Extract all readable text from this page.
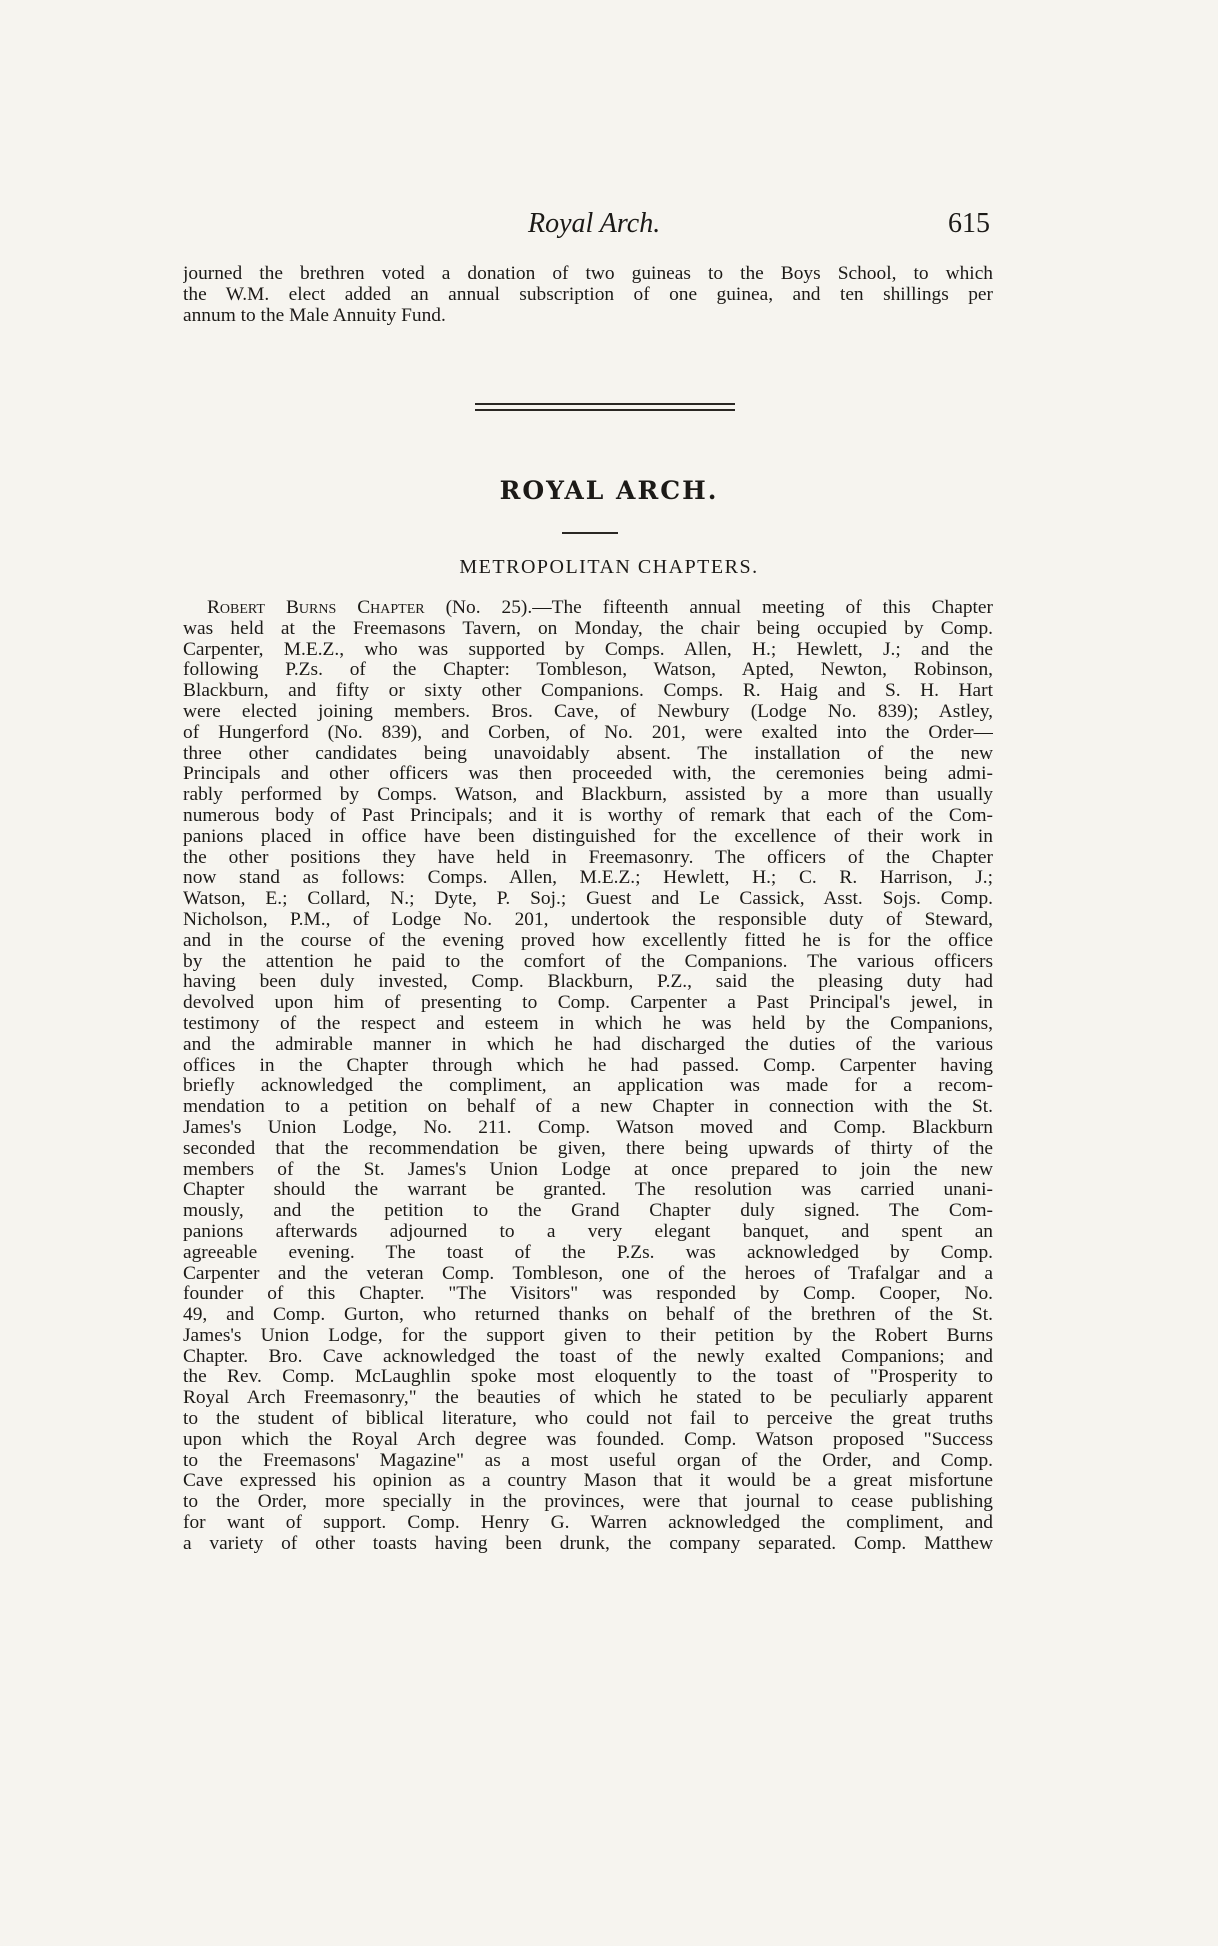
Royal Arch.	615
journed the brethren voted a donation of two guineas to the Boys School, to which
the W.M. elect added an annual subscription of one guinea, and ten shillings per
annum to the Male Annuity Fund.
ROYAL ARCH.
METROPOLITAN CHAPTERS.
Robert Burns Chapter (No. 25).—The fifteenth annual meeting of this Chapter
was held at the Freemasons Tavern, on Monday, the chair being occupied by Comp.
Carpenter, M.E.Z., who was supported by Comps. Allen, H.; Hewlett, J.; and the
following P.Zs. of the Chapter: Tombleson, Watson, Apted, Newton, Robinson,
Blackburn, and fifty or sixty other Companions. Comps. R. Haig and S. H. Hart
were elected joining members. Bros. Cave, of Newbury (Lodge No. 839); Astley,
of Hungerford (No. 839), and Corben, of No. 201, were exalted into the Order—
three other candidates being unavoidably absent. The installation of the new
Principals and other officers was then proceeded with, the ceremonies being admi-
rably performed by Comps. Watson, and Blackburn, assisted by a more than usually
numerous body of Past Principals; and it is worthy of remark that each of the Com-
panions placed in office have been distinguished for the excellence of their work in
the other positions they have held in Freemasonry. The officers of the Chapter
now stand as follows: Comps. Allen, M.E.Z.; Hewlett, H.; C. R. Harrison, J.;
Watson, E.; Collard, N.; Dyte, P. Soj.; Guest and Le Cassick, Asst. Sojs. Comp.
Nicholson, P.M., of Lodge No. 201, undertook the responsible duty of Steward,
and in the course of the evening proved how excellently fitted he is for the office
by the attention he paid to the comfort of the Companions. The various officers
having been duly invested, Comp. Blackburn, P.Z., said the pleasing duty had
devolved upon him of presenting to Comp. Carpenter a Past Principal's jewel, in
testimony of the respect and esteem in which he was held by the Companions,
and the admirable manner in which he had discharged the duties of the various
offices in the Chapter through which he had passed. Comp. Carpenter having
briefly acknowledged the compliment, an application was made for a recom-
mendation to a petition on behalf of a new Chapter in connection with the St.
James's Union Lodge, No. 211. Comp. Watson moved and Comp. Blackburn
seconded that the recommendation be given, there being upwards of thirty of the
members of the St. James's Union Lodge at once prepared to join the new
Chapter should the warrant be granted. The resolution was carried unani-
mously, and the petition to the Grand Chapter duly signed. The Com-
panions afterwards adjourned to a very elegant banquet, and spent an
agreeable evening. The toast of the P.Zs. was acknowledged by Comp.
Carpenter and the veteran Comp. Tombleson, one of the heroes of Trafalgar and a
founder of this Chapter. "The Visitors" was responded by Comp. Cooper, No.
49, and Comp. Gurton, who returned thanks on behalf of the brethren of the St.
James's Union Lodge, for the support given to their petition by the Robert Burns
Chapter. Bro. Cave acknowledged the toast of the newly exalted Companions; and
the Rev. Comp. McLaughlin spoke most eloquently to the toast of "Prosperity to
Royal Arch Freemasonry," the beauties of which he stated to be peculiarly apparent
to the student of biblical literature, who could not fail to perceive the great truths
upon which the Royal Arch degree was founded. Comp. Watson proposed "Success
to the Freemasons' Magazine" as a most useful organ of the Order, and Comp.
Cave expressed his opinion as a country Mason that it would be a great misfortune
to the Order, more specially in the provinces, were that journal to cease publishing
for want of support. Comp. Henry G. Warren acknowledged the compliment, and
a variety of other toasts having been drunk, the company separated. Comp. Matthew
